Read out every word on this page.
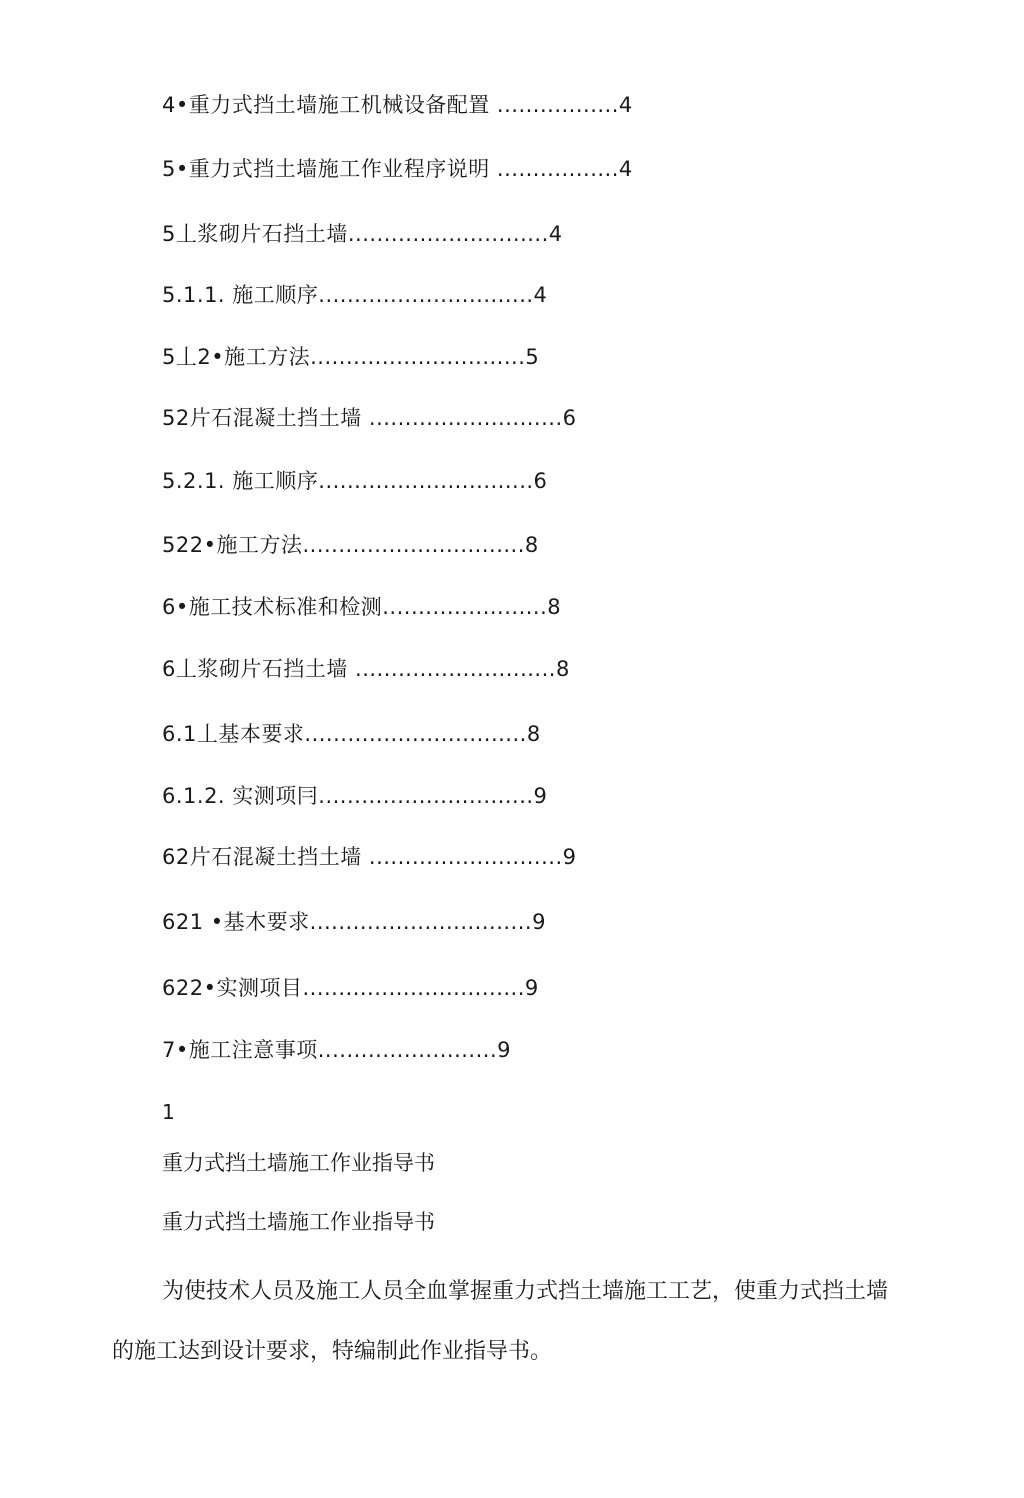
4•重力式挡土墙施工机械设备配置 .................4
5•重力式挡土墙施工作业程序说明 .................4
5丄浆砌片石挡土墙............................4
5.1.1. 施工顺序..............................4
5丄2•施工方法..............................5
52片石混凝土挡土墙 ...........................6
5.2.1. 施工顺序..............................6
522•施工方法...............................8
6•施工技术标准和检测.......................8
6丄浆砌片石挡土墙 ............................8
6.1丄基本要求...............................8
6.1.2. 实测项冃..............................9
62片石混凝土挡土墙 ...........................9
621 •基木要求...............................9
622•实测项目...............................9
7•施工注意事项.........................9
1
重力式挡土墙施工作业指导书
重力式挡土墙施工作业指导书
为使技术人员及施工人员全血掌握重力式挡土墙施工工艺，使重力式挡土墙的施工达到设计要求，特编制此作业指导书。
